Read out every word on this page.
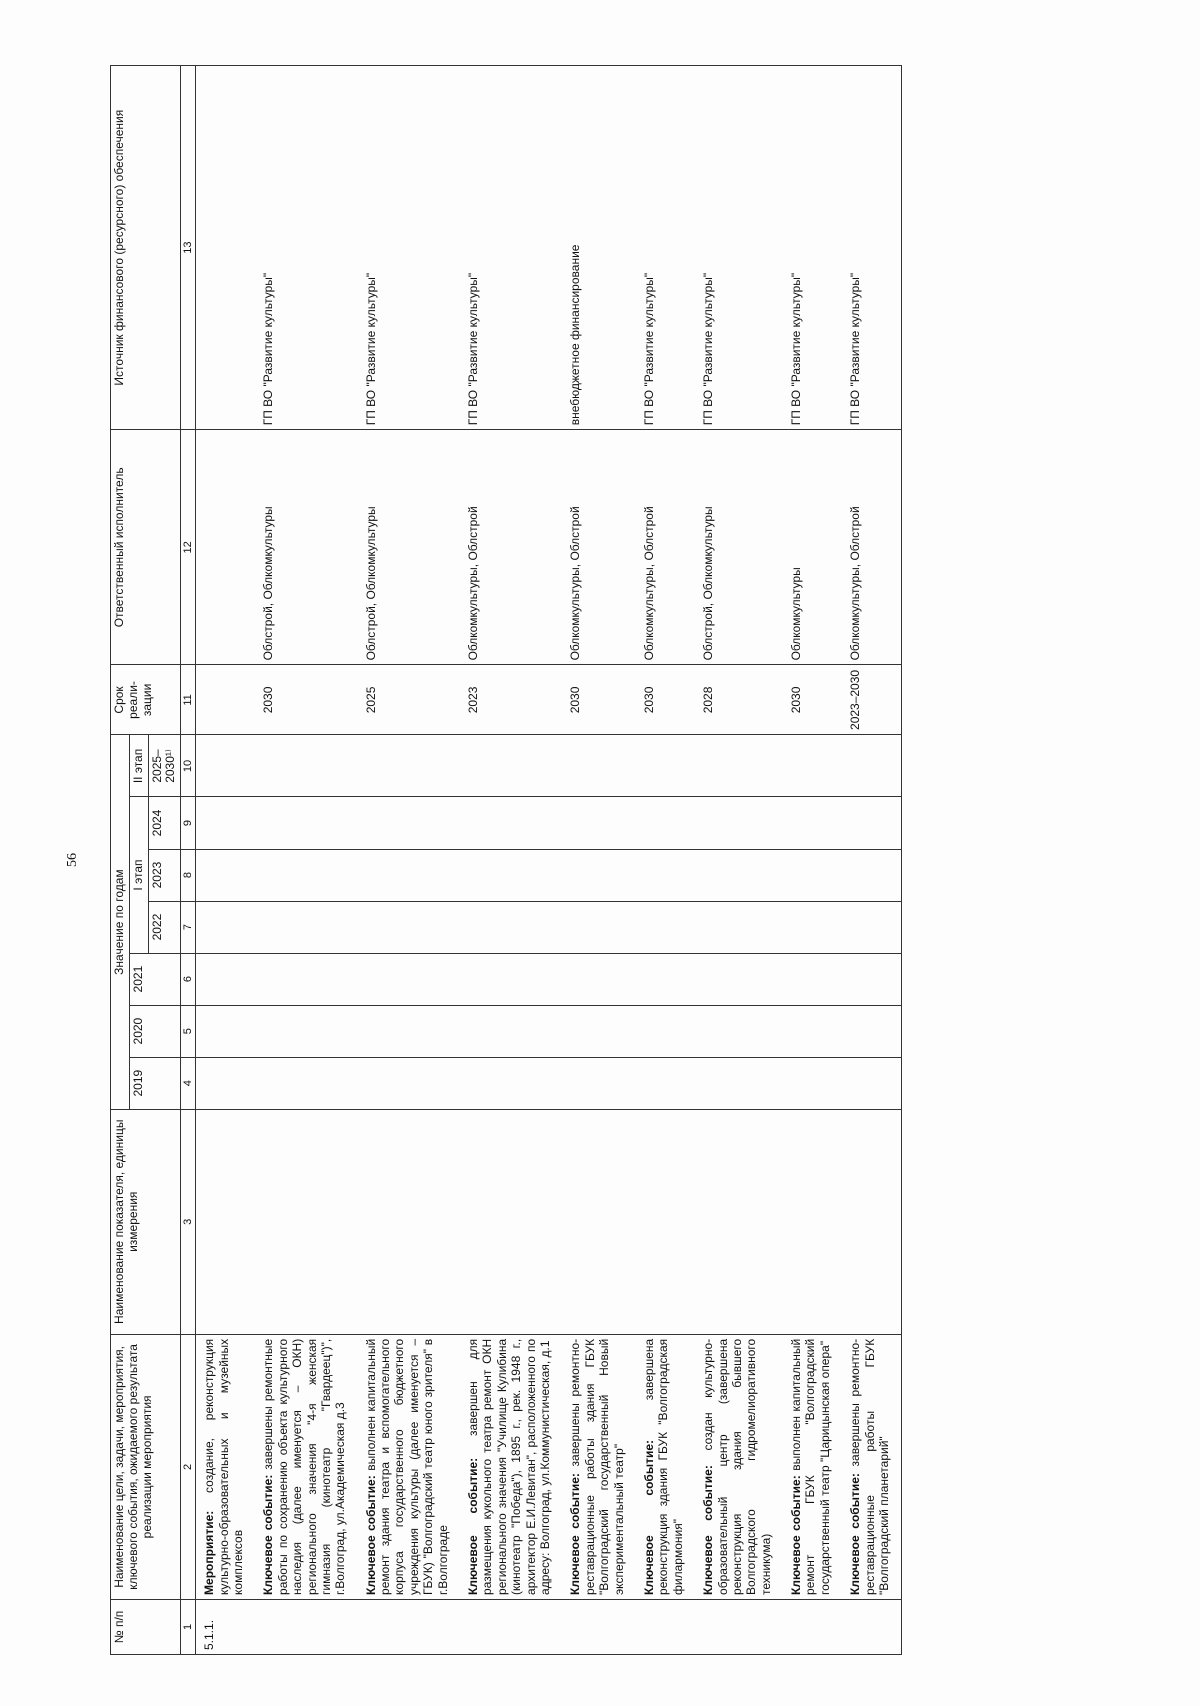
56
№ п/п	Наименование цели, задачи, мероприятия, ключевого события, ожидаемого результата реализации мероприятия	Наименование показателя, единицы измерения	Значение по годам							Срок реали-зации	Ответственный исполнитель	Источник финансового (ресурсного) обеспечения
			2019	2020	2021	I этап			II этап			
						2022	2023	2024	2025–2030¹⁾			
1	2	3	4	5	6	7	8	9	10	11	12	13
5.1.1.	Мероприятие: создание, реконструкция культурно-образовательных и музейных комплексов											
	Ключевое событие: завершены ремонтные работы по сохранению объекта культурного наследия (далее именуется – ОКН) регионального значения "4-я женская гимназия (кинотеатр "Гвардеец")", г.Волгоград, ул.Академическая д.3									2030	Облстрой, Облкомкультуры	ГП ВО "Развитие культуры"
	Ключевое событие: выполнен капитальный ремонт здания театра и вспомогательного корпуса государственного бюджетного учреждения культуры (далее именуется – ГБУК) "Волгоградский театр юного зрителя" в г.Волгограде									2025	Облстрой, Облкомкультуры	ГП ВО "Развитие культуры"
	Ключевое событие: завершен для размещения кукольного театра ремонт ОКН регионального значения "Училище Кулибина (кинотеатр "Победа"), 1895 г., рек. 1948 г., архитектор Е.И.Левитан", расположенного по адресу: Волгоград, ул.Коммунистическая, д.1									2023	Облкомкультуры, Облстрой	ГП ВО "Развитие культуры"
	Ключевое событие: завершены ремонтно-реставрационные работы здания ГБУК "Волгоградский государственный Новый экспериментальный театр"									2030	Облкомкультуры, Облстрой	внебюджетное финансирование
	Ключевое событие: завершена реконструкция здания ГБУК "Волгоградская филармония"									2030	Облкомкультуры, Облстрой	ГП ВО "Развитие культуры"
	Ключевое событие: создан культурно-образовательный центр (завершена реконструкция здания бывшего Волгоградского гидромелиоративного техникума)									2028	Облстрой, Облкомкультуры	ГП ВО "Развитие культуры"
	Ключевое событие: выполнен капитальный ремонт ГБУК "Волгоградский государственный театр "Царицынская опера"									2030	Облкомкультуры	ГП ВО "Развитие культуры"
	Ключевое событие: завершены ремонтно-реставрационные работы ГБУК "Волгоградский планетарий"									2023–2030	Облкомкультуры, Облстрой	ГП ВО "Развитие культуры"
